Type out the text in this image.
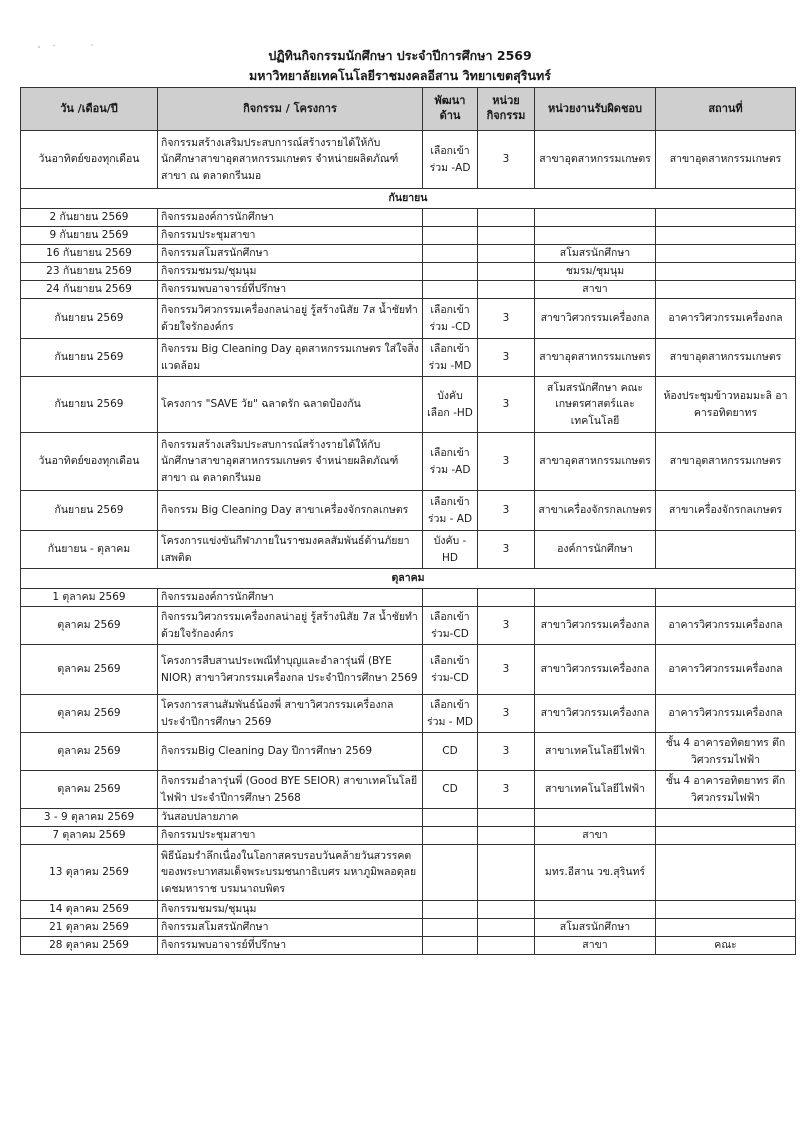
ปฏิทินกิจกรรมนักศึกษา ประจำปีการศึกษา 2569
มหาวิทยาลัยเทคโนโลยีราชมงคลอีสาน วิทยาเขตสุรินทร์
วัน /เดือน/ปี	กิจกรรม / โครงการ	พัฒนาด้าน	หน่วยกิจกรรม	หน่วยงานรับผิดชอบ	สถานที่
วันอาทิตย์ของทุกเดือน	กิจกรรมสร้างเสริมประสบการณ์สร้างรายได้ให้กับนักศึกษาสาขาอุตสาหกรรมเกษตร จำหน่ายผลิตภัณฑ์สาขา ณ ตลาดกรีนมอ	เลือกเข้าร่วม -AD	3	สาขาอุตสาหกรรมเกษตร	สาขาอุตสาหกรรมเกษตร
กันยายน					
2 กันยายน 2569	กิจกรรมองค์การนักศึกษา				
9 กันยายน 2569	กิจกรรมประชุมสาขา				
16 กันยายน 2569	กิจกรรมสโมสรนักศึกษา			สโมสรนักศึกษา	
23 กันยายน 2569	กิจกรรมชมรม/ชุมนุม			ชมรม/ชุมนุม	
24 กันยายน 2569	กิจกรรมพบอาจารย์ที่ปรึกษา			สาขา	
กันยายน 2569	กิจกรรมวิศวกรรมเครื่องกลน่าอยู่ รู้สร้างนิสัย 7ส น้ำชัยทำด้วยใจรักองค์กร	เลือกเข้าร่วม -CD	3	สาขาวิศวกรรมเครื่องกล	อาคารวิศวกรรมเครื่องกล
กันยายน 2569	กิจกรรม Big Cleaning Day อุตสาหกรรมเกษตร ใส่ใจสิ่งแวดล้อม	เลือกเข้าร่วม -MD	3	สาขาอุตสาหกรรมเกษตร	สาขาอุตสาหกรรมเกษตร
กันยายน 2569	โครงการ "SAVE วัย" ฉลาดรัก ฉลาดป้องกัน	บังคับเลือก -HD	3	สโมสรนักศึกษา คณะเกษตรศาสตร์และเทคโนโลยี	ห้องประชุมข้าวหอมมะลิ อาคารอทิตยาทร
วันอาทิตย์ของทุกเดือน	กิจกรรมสร้างเสริมประสบการณ์สร้างรายได้ให้กับนักศึกษาสาขาอุตสาหกรรมเกษตร จำหน่ายผลิตภัณฑ์สาขา ณ ตลาดกรีนมอ	เลือกเข้าร่วม -AD	3	สาขาอุตสาหกรรมเกษตร	สาขาอุตสาหกรรมเกษตร
กันยายน 2569	กิจกรรม Big Cleaning Day สาขาเครื่องจักรกลเกษตร	เลือกเข้าร่วม - AD	3	สาขาเครื่องจักรกลเกษตร	สาขาเครื่องจักรกลเกษตร
กันยายน - ตุลาคม	โครงการแข่งขันกีฬาภายในราชมงคลสัมพันธ์ต้านภัยยาเสพติด	บังคับ - HD	3	องค์การนักศึกษา	
ตุลาคม					
1 ตุลาคม 2569	กิจกรรมองค์การนักศึกษา				
ตุลาคม 2569	กิจกรรมวิศวกรรมเครื่องกลน่าอยู่ รู้สร้างนิสัย 7ส น้ำชัยทำด้วยใจรักองค์กร	เลือกเข้าร่วม-CD	3	สาขาวิศวกรรมเครื่องกล	อาคารวิศวกรรมเครื่องกล
ตุลาคม 2569	โครงการสืบสานประเพณีทำบุญและอำลารุ่นพี่ (BYE NIOR) สาขาวิศวกรรมเครื่องกล ประจำปีการศึกษา 2569	เลือกเข้าร่วม-CD	3	สาขาวิศวกรรมเครื่องกล	อาคารวิศวกรรมเครื่องกล
ตุลาคม 2569	โครงการสานสัมพันธ์น้องพี่ สาขาวิศวกรรมเครื่องกล ประจำปีการศึกษา 2569	เลือกเข้าร่วม - MD	3	สาขาวิศวกรรมเครื่องกล	อาคารวิศวกรรมเครื่องกล
ตุลาคม 2569	กิจกรรมBig Cleaning Day ปีการศึกษา 2569	CD	3	สาขาเทคโนโลยีไฟฟ้า	ชั้น 4 อาคารอทิตยาทร ตึกวิศวกรรมไฟฟ้า
ตุลาคม 2569	กิจกรรมอำลารุ่นพี่ (Good BYE SEIOR) สาขาเทคโนโลยีไฟฟ้า ประจำปีการศึกษา 2568	CD	3	สาขาเทคโนโลยีไฟฟ้า	ชั้น 4 อาคารอทิตยาทร ตึกวิศวกรรมไฟฟ้า
3 - 9 ตุลาคม 2569	วันสอบปลายภาค				
7 ตุลาคม 2569	กิจกรรมประชุมสาขา			สาขา	
13 ตุลาคม 2569	พิธีน้อมรำลึกเนื่องในโอกาสครบรอบวันคล้ายวันสวรรคตของพระบาทสมเด็จพระบรมชนกาธิเบศร มหาภูมิพลอดุลยเดชมหาราช บรมนาถบพิตร			มทร.อีสาน วข.สุรินทร์	
14 ตุลาคม 2569	กิจกรรมชมรม/ชุมนุม				
21 ตุลาคม 2569	กิจกรรมสโมสรนักศึกษา			สโมสรนักศึกษา	
28 ตุลาคม 2569	กิจกรรมพบอาจารย์ที่ปรึกษา			สาขา	คณะ
